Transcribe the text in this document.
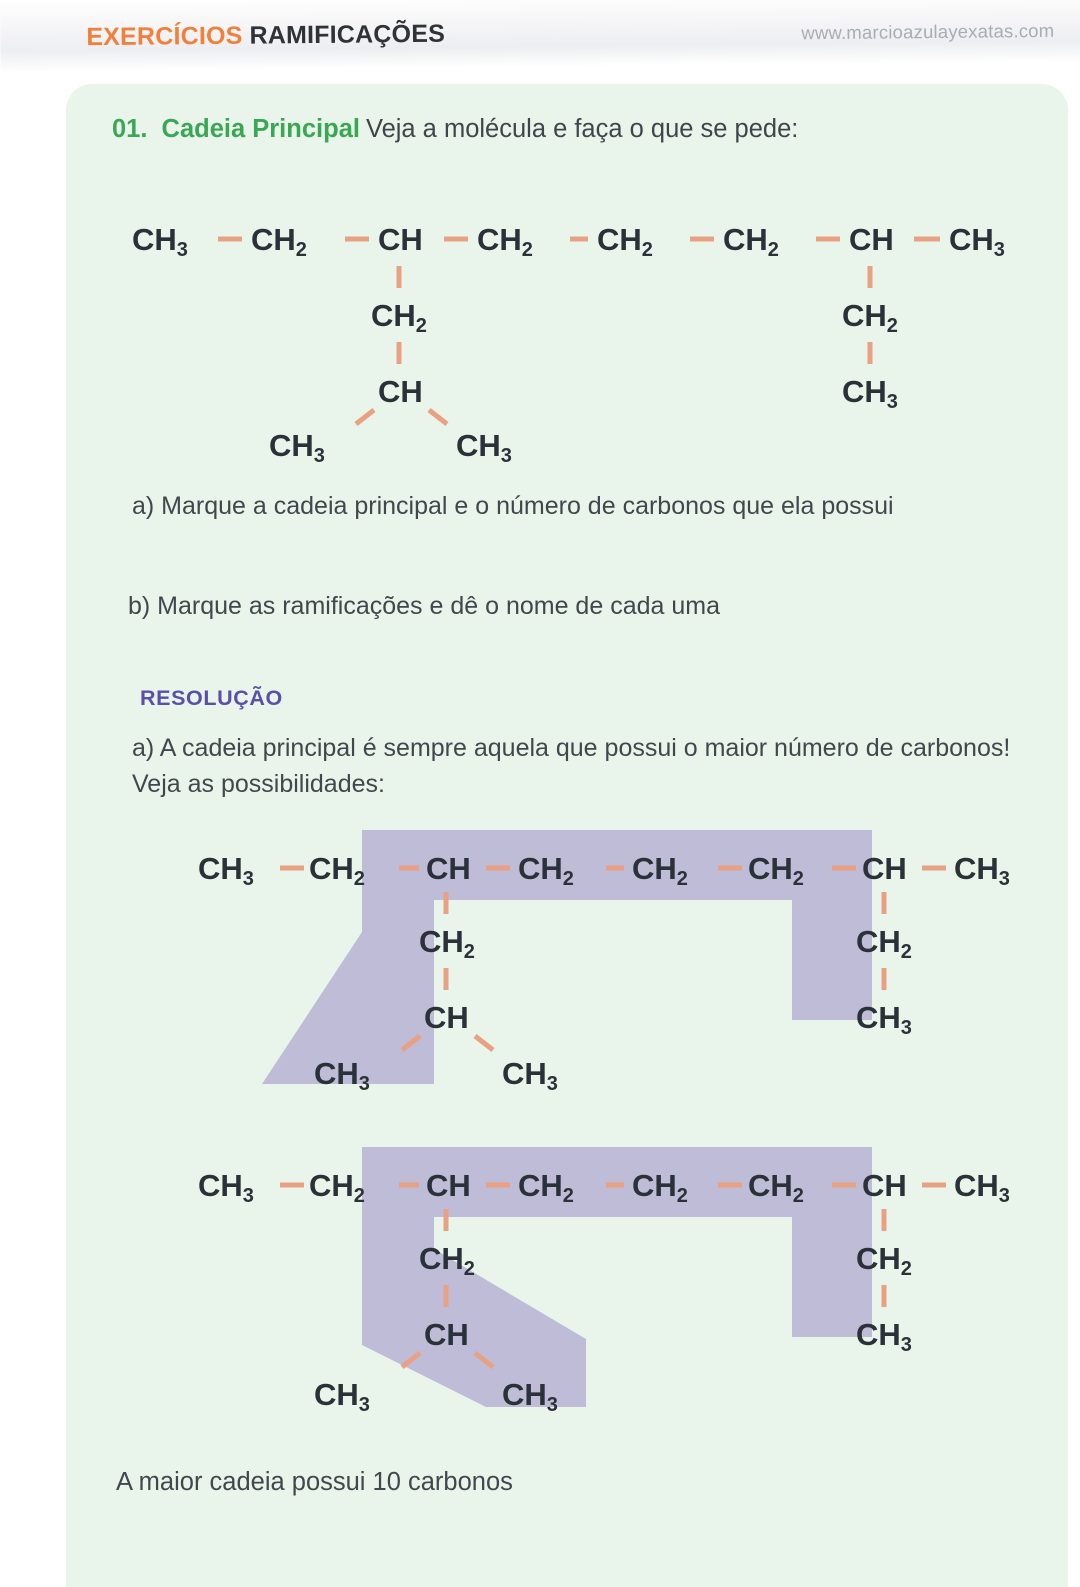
EXERCÍCIOS RAMIFICAÇÕES	www.marcioazulayexatas.com
01. Cadeia Principal Veja a molécula e faça o que se pede:
CH3 CH2 CH CH2 CH2 CH2 CH CH3
CH2
CH
CH3	CH3
CH2
CH3
a) Marque a cadeia principal e o número de carbonos que ela possui
b) Marque as ramificações e dê o nome de cada uma
RESOLUÇÃO
a) A cadeia principal é sempre aquela que possui o maior número de carbonos! Veja as possibilidades:
CH3 CH2 CH CH2 CH2 CH2 CH CH3
CH2
CH
CH3	CH3
CH2
CH3
CH3 CH2 CH CH2 CH2 CH2 CH CH3
CH2
CH
CH3	CH3
CH2
CH3
A maior cadeia possui 10 carbonos
